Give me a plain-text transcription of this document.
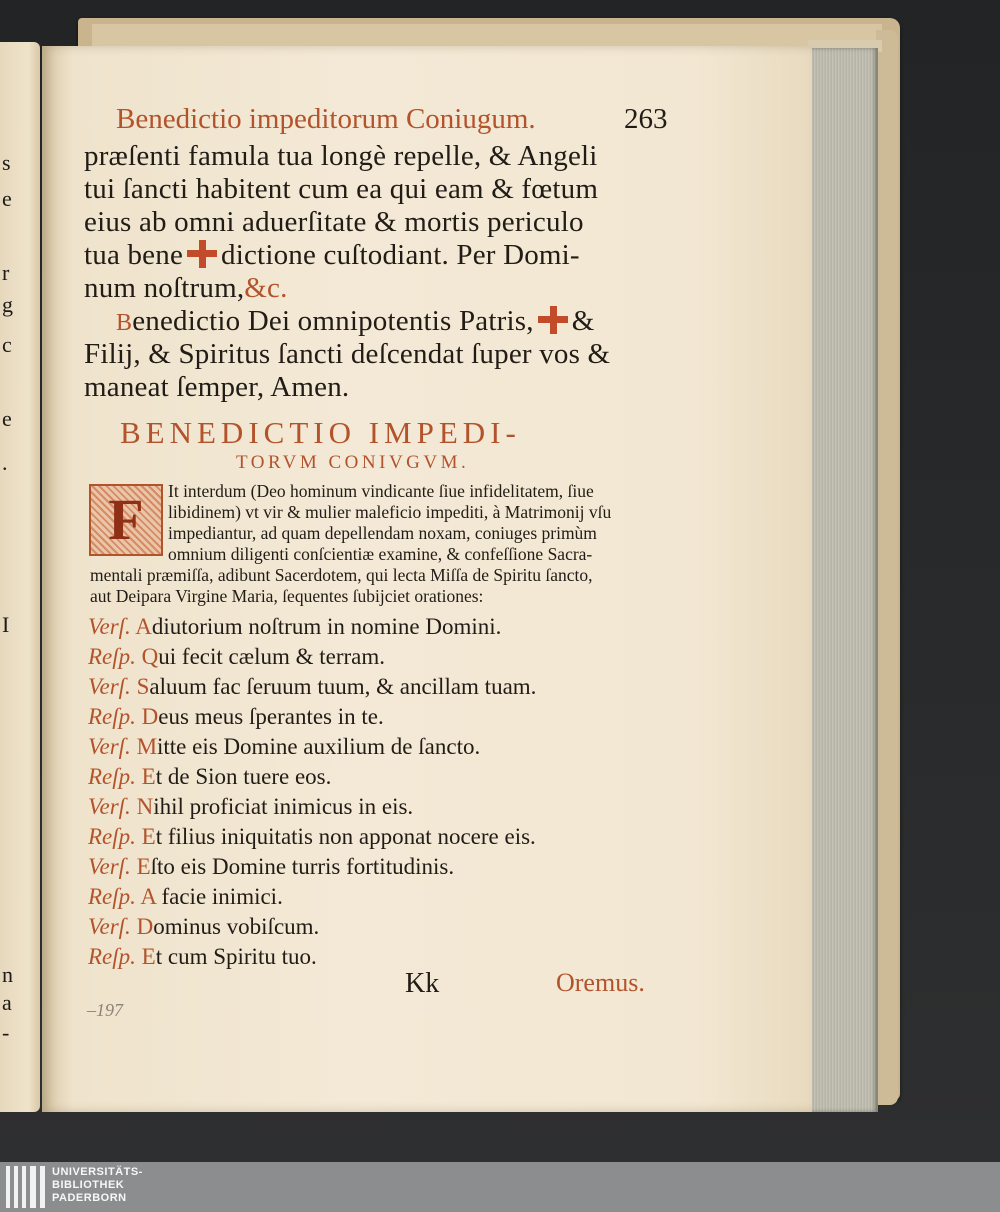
s
e
r
g
c
e
.
I
n
a
-
Benedictio impeditorum Coniugum.	263
præſenti famula tua longè repelle, & Angeli
tui ſancti habitent cum ea qui eam & fœtum
eius ab omni aduerſitate & mortis periculo
tua bene dictione cuſtodiant. Per Domi-
num noſtrum,&c.
Benedictio Dei omnipotentis Patris, &
Filij, & Spiritus ſancti deſcendat ſuper vos &
maneat ſemper, Amen.
BENEDICTIO IMPEDI-
TORVM CONIVGVM.
F	It interdum (Deo hominum vindicante ſiue infidelitatem, ſiue
libidinem) vt vir & mulier maleficio impediti, à Matrimonij vſu
impediantur, ad quam depellendam noxam, coniuges primùm
omnium diligenti conſcientiæ examine, & confeſſione Sacra-
mentali præmiſſa, adibunt Sacerdotem, qui lecta Miſſa de Spiritu ſancto,
aut Deipara Virgine Maria, ſequentes ſubijciet orationes:
Verſ. Adiutorium noſtrum in nomine Domini.
Reſp. Qui fecit cælum & terram.
Verſ. Saluum fac ſeruum tuum, & ancillam tuam.
Reſp. Deus meus ſperantes in te.
Verſ. Mitte eis Domine auxilium de ſancto.
Reſp. Et de Sion tuere eos.
Verſ. Nihil proficiat inimicus in eis.
Reſp. Et filius iniquitatis non apponat nocere eis.
Verſ. Eſto eis Domine turris fortitudinis.
Reſp. A facie inimici.
Verſ. Dominus vobiſcum.
Reſp. Et cum Spiritu tuo.
Kk	Oremus.
–197
UNIVERSITÄTS-
BIBLIOTHEK
PADERBORN
